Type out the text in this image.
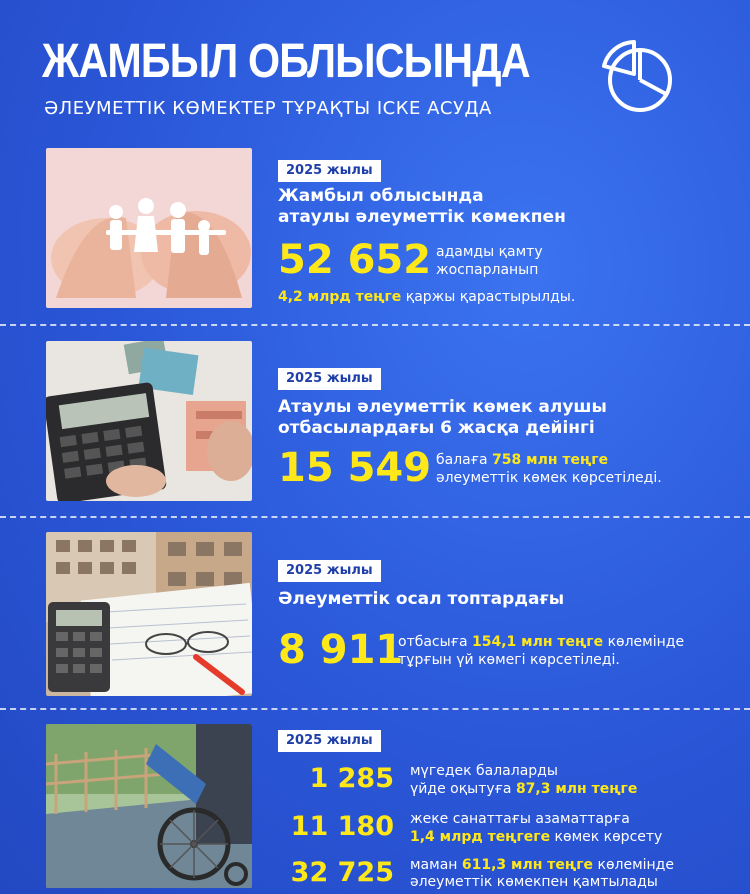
ЖАМБЫЛ ОБЛЫСЫНДА
ӘЛЕУМЕТТІК КӨМЕКТЕР ТҰРАҚТЫ ІСКЕ АСУДА
2025 жылы
Жамбыл облысында
атаулы әлеуметтік көмекпен
52 652 адамды қамту
жоспарланып
4,2 млрд теңге қаржы қарастырылды.
2025 жылы
Атаулы әлеуметтік көмек алушы
отбасылардағы 6 жасқа дейінгі
15 549 балаға 758 млн теңге
әлеуметтік көмек көрсетіледі.
2025 жылы
Әлеуметтік осал топтардағы
8 911
отбасыға 154,1 млн теңге көлемінде
тұрғын үй көмегі көрсетіледі.
2025 жылы
1 285 мүгедек балаларды
үйде оқытуға 87,3 млн теңге
11 180 жеке санаттағы азаматтарға
1,4 млрд теңгеге көмек көрсету
32 725 маман 611,3 млн теңге көлемінде
әлеуметтік көмекпен қамтылады
